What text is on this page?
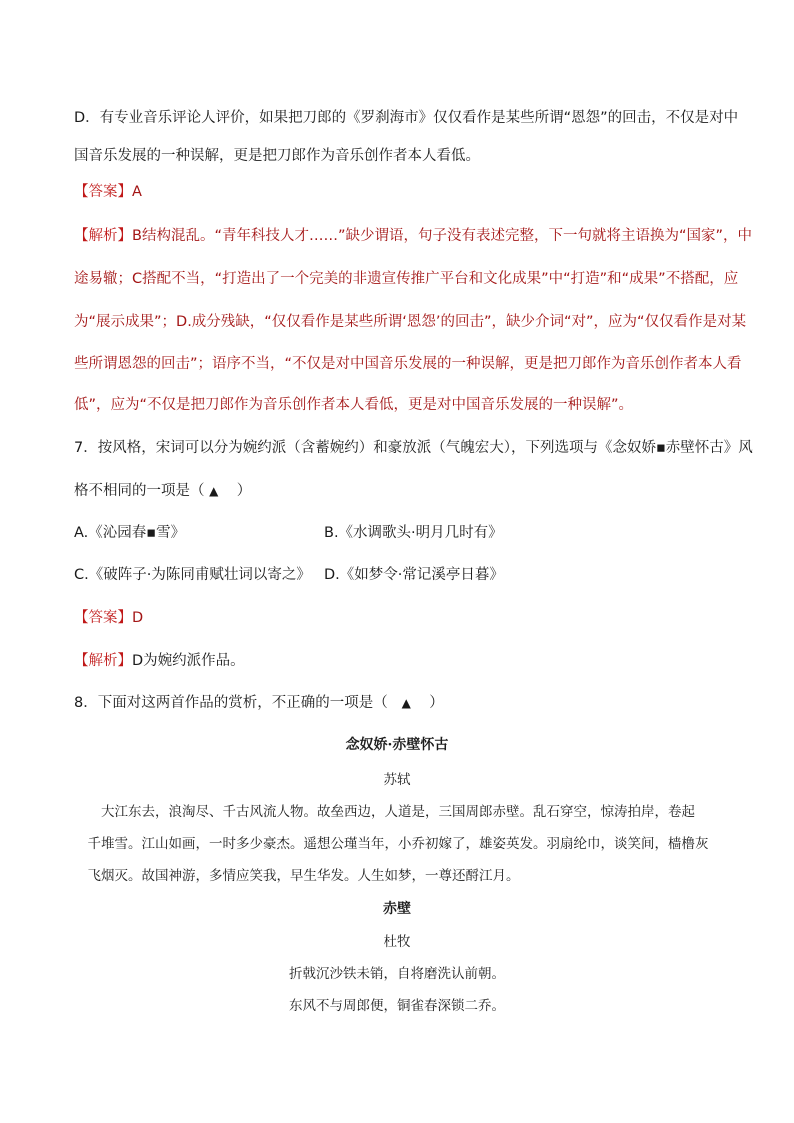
D．有专业音乐评论人评价，如果把刀郎的《罗刹海市》仅仅看作是某些所谓“恩怨”的回击，不仅是对中
国音乐发展的一种误解，更是把刀郎作为音乐创作者本人看低。
【答案】A
【解析】B结构混乱。“青年科技人才……”缺少谓语，句子没有表述完整，下一句就将主语换为“国家”，中
途易辙；C搭配不当，“打造出了一个完美的非遗宣传推广平台和文化成果”中“打造”和“成果”不搭配，应
为“展示成果”；D.成分残缺，“仅仅看作是某些所谓‘恩怨’的回击”，缺少介词“对”，应为“仅仅看作是对某
些所谓恩怨的回击”；语序不当，“不仅是对中国音乐发展的一种误解，更是把刀郎作为音乐创作者本人看
低”，应为“不仅是把刀郎作为音乐创作者本人看低，更是对中国音乐发展的一种误解”。
7．按风格，宋词可以分为婉约派（含蓄婉约）和豪放派（气魄宏大），下列选项与《念奴娇▪赤壁怀古》风
格不相同的一项是（ ▲ ）
A.《沁园春▪雪》	B.《水调歌头·明月几时有》
C.《破阵子·为陈同甫赋壮词以寄之》 D.《如梦令·常记溪亭日暮》
【答案】D
【解析】D为婉约派作品。
8．下面对这两首作品的赏析，不正确的一项是（ ▲ ）
念奴娇·赤壁怀古
苏轼
　　大江东去，浪淘尽、千古风流人物。故垒西边，人道是，三国周郎赤壁。乱石穿空，惊涛拍岸，卷起
　千堆雪。江山如画，一时多少豪杰。遥想公瑾当年，小乔初嫁了，雄姿英发。羽扇纶巾，谈笑间，樯橹灰
　飞烟灭。故国神游，多情应笑我，早生华发。人生如梦，一尊还酹江月。
赤壁
杜牧
折戟沉沙铁未销，自将磨洗认前朝。
东风不与周郎便，铜雀春深锁二乔。
